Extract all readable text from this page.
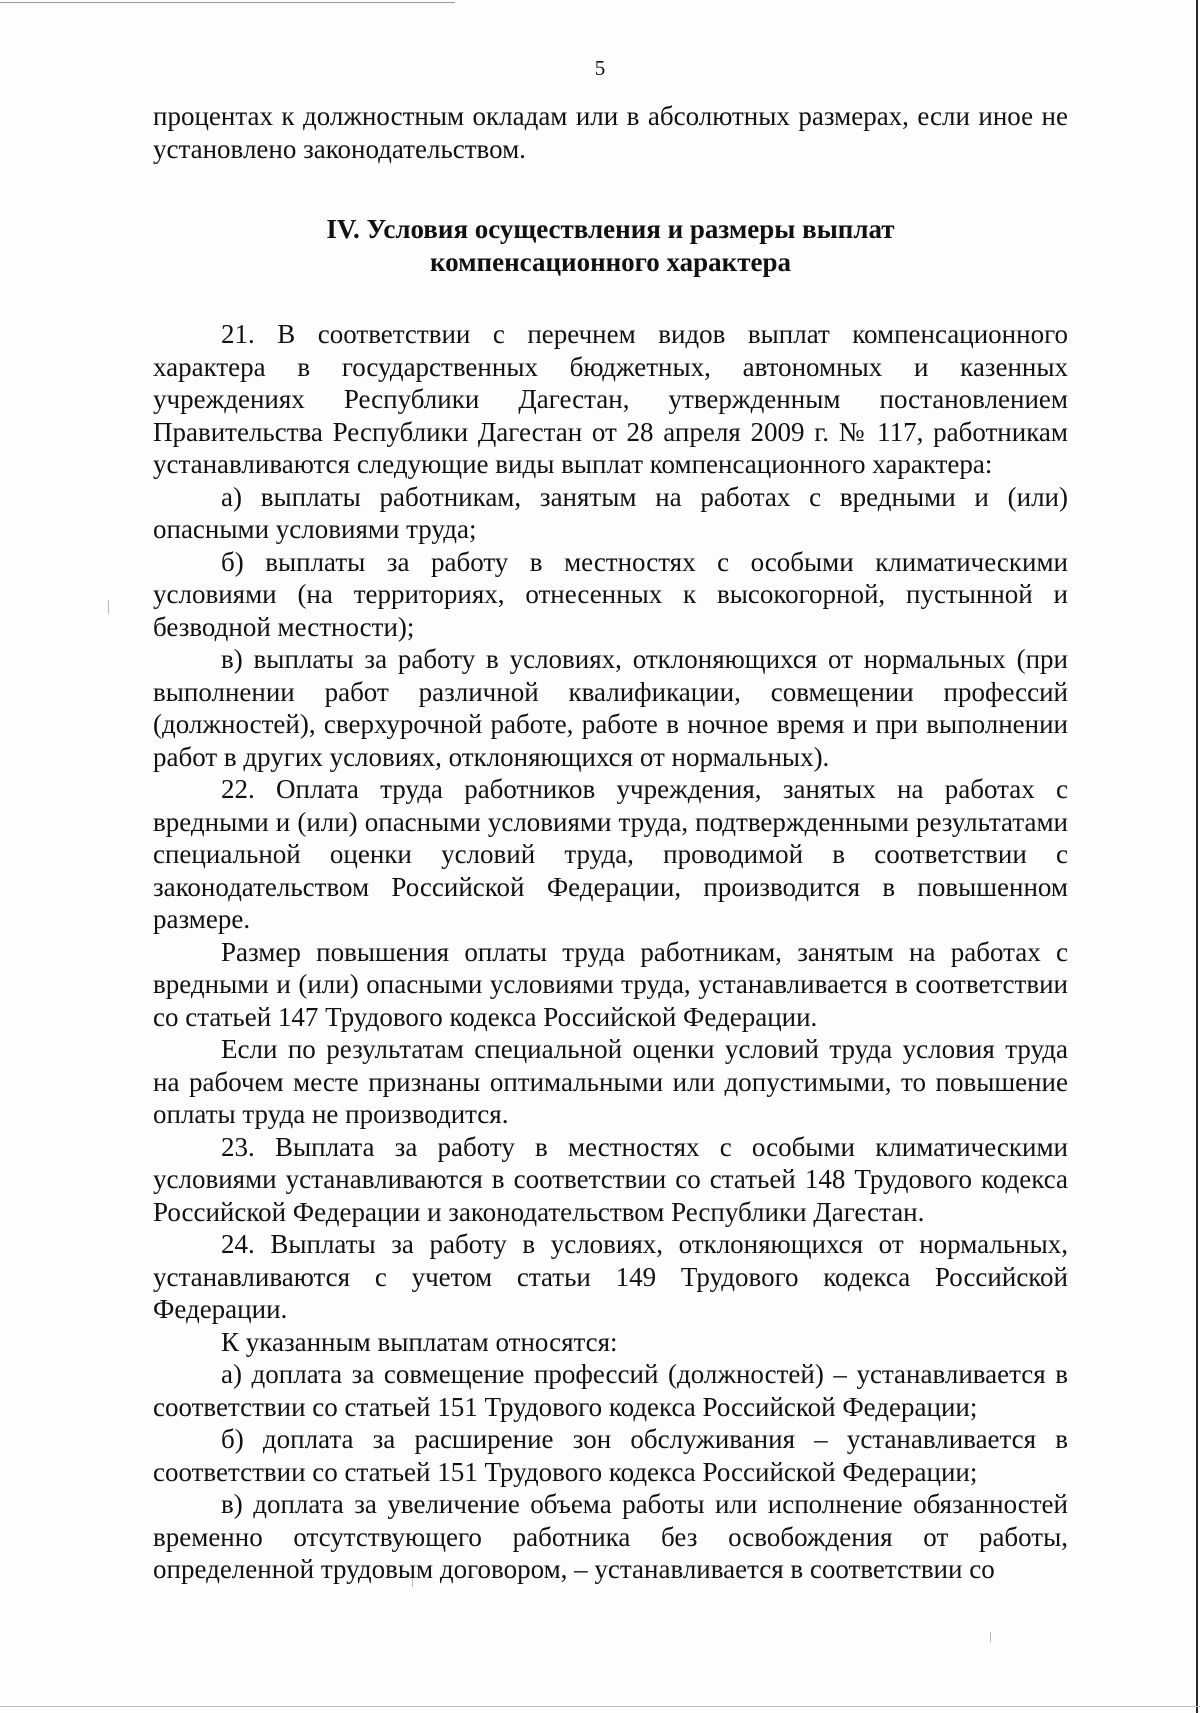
5

процентах к должностным окладам или в абсолютных размерах, если иное не установлено законодательством.

IV. Условия осуществления и размеры выплат
компенсационного характера

21. В соответствии с перечнем видов выплат компенсационного характера в государственных бюджетных, автономных и казенных учреждениях Республики Дагестан, утвержденным постановлением Правительства Республики Дагестан от 28 апреля 2009 г. № 117, работникам устанавливаются следующие виды выплат компенсационного характера:

а) выплаты работникам, занятым на работах с вредными и (или) опасными условиями труда;

б) выплаты за работу в местностях с особыми климатическими условиями (на территориях, отнесенных к высокогорной, пустынной и безводной местности);

в) выплаты за работу в условиях, отклоняющихся от нормальных (при выполнении работ различной квалификации, совмещении профессий (должностей), сверхурочной работе, работе в ночное время и при выполнении работ в других условиях, отклоняющихся от нормальных).

22. Оплата труда работников учреждения, занятых на работах с вредными и (или) опасными условиями труда, подтвержденными результатами специальной оценки условий труда, проводимой в соответствии с законодательством Российской Федерации, производится в повышенном размере.

Размер повышения оплаты труда работникам, занятым на работах с вредными и (или) опасными условиями труда, устанавливается в соответствии со статьей 147 Трудового кодекса Российской Федерации.

Если по результатам специальной оценки условий труда условия труда на рабочем месте признаны оптимальными или допустимыми, то повышение оплаты труда не производится.

23. Выплата за работу в местностях с особыми климатическими условиями устанавливаются в соответствии со статьей 148 Трудового кодекса Российской Федерации и законодательством Республики Дагестан.

24. Выплаты за работу в условиях, отклоняющихся от нормальных, устанавливаются с учетом статьи 149 Трудового кодекса Российской Федерации.

К указанным выплатам относятся:

а) доплата за совмещение профессий (должностей) – устанавливается в соответствии со статьей 151 Трудового кодекса Российской Федерации;

б) доплата за расширение зон обслуживания – устанавливается в соответствии со статьей 151 Трудового кодекса Российской Федерации;

в) доплата за увеличение объема работы или исполнение обязанностей временно отсутствующего работника без освобождения от работы, определенной трудовым договором, – устанавливается в соответствии со
